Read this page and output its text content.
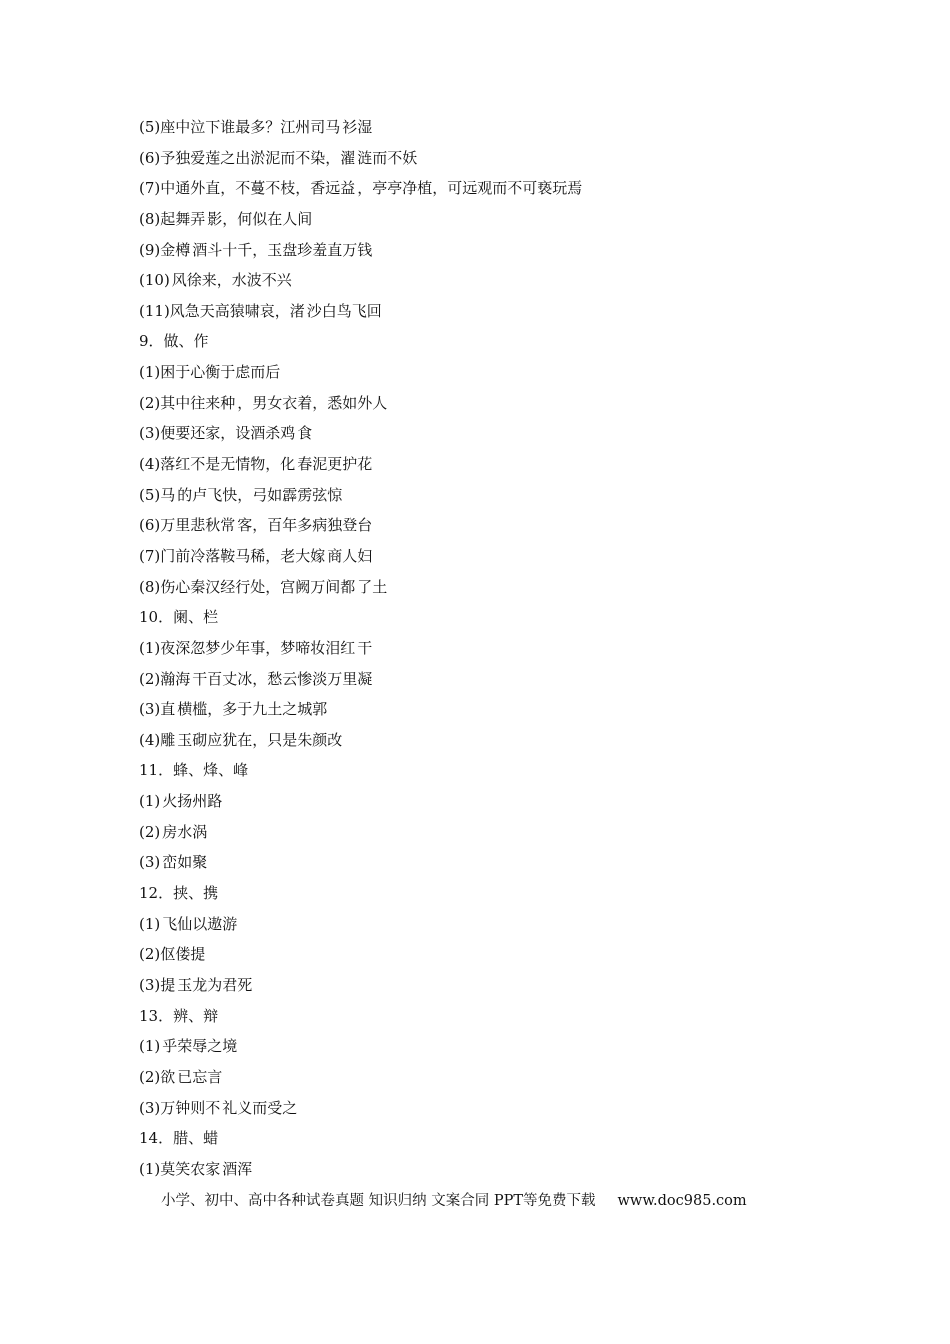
(5)座中泣下谁最多？江州司马 衫湿
(6)予独爱莲之出淤泥而不染，濯 涟而不妖
(7)中通外直，不蔓不枝，香远益 ，亭亭净植，可远观而不可亵玩焉
(8)起舞弄 影，何似在人间
(9)金樽 酒斗十千，玉盘珍羞直万钱
(10) 风徐来，水波不兴
(11)风急天高猿啸哀，渚 沙白鸟飞回
9．做、作
(1)困于心衡于虑而后
(2)其中往来种 ，男女衣着，悉如外人
(3)便要还家，设酒杀鸡 食
(4)落红不是无情物，化 春泥更护花
(5)马 的卢飞快，弓如霹雳弦惊
(6)万里悲秋常 客，百年多病独登台
(7)门前冷落鞍马稀，老大嫁 商人妇
(8)伤心秦汉经行处，宫阙万间都 了土
10．阑、栏
(1)夜深忽梦少年事，梦啼妆泪红 干
(2)瀚海 干百丈冰，愁云惨淡万里凝
(3)直 横槛，多于九土之城郭
(4)雕 玉砌应犹在，只是朱颜改
11．蜂、烽、峰
(1) 火扬州路
(2) 房水涡
(3) 峦如聚
12．挟、携
(1) 飞仙以遨游
(2)伛偻提
(3)提 玉龙为君死
13．辨、辩
(1) 乎荣辱之境
(2)欲 已忘言
(3)万钟则不 礼义而受之
14．腊、蜡
(1)莫笑农家 酒浑
小学、初中、高中各种试卷真题 知识归纳 文案合同 PPT等免费下载 www.doc985.com
